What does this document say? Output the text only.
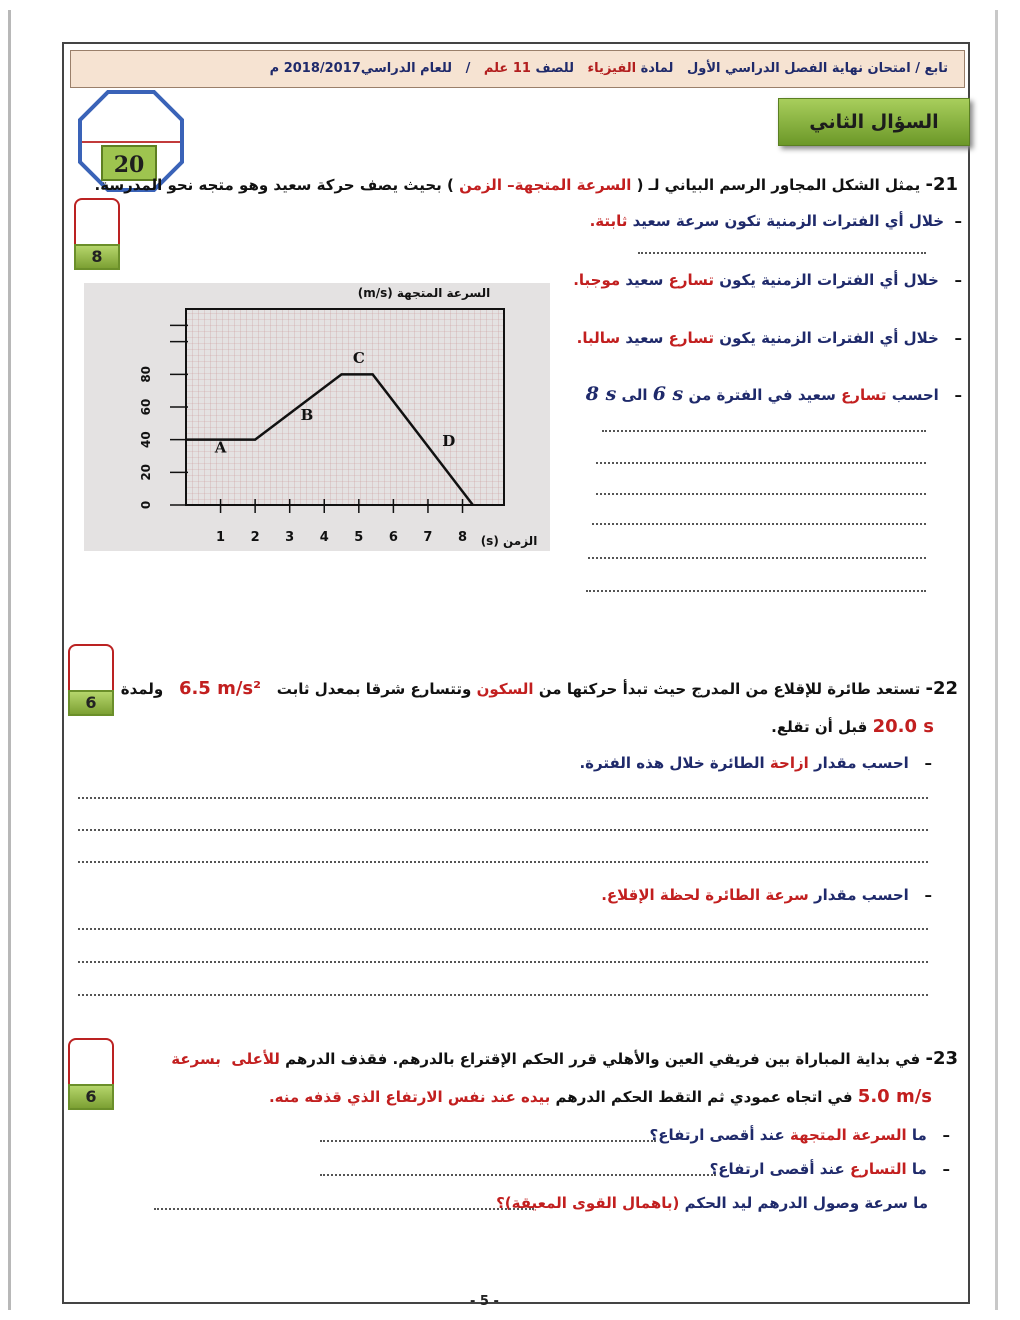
تابع / امتحان نهاية الفصل الدراسي الأول   لمادة الفيزياء   للصف 11 علم   /   للعام الدراسي2018/2017 م
20
السؤال الثاني
8
21- يمثل الشكل المجاور الرسم البياني لـ ( السرعة المتجهة– الزمن ) بحيث يصف حركة سعيد وهو متجه نحو المدرسة.
–  خلال أي الفترات الزمنية تكون سرعة سعيد ثابتة.
–   خلال أي الفترات الزمنية يكون تسارع سعيد موجبا.
–   خلال أي الفترات الزمنية يكون تسارع سعيد سالبا.
–   احسب تسارع سعيد في الفترة من 6 s الى 8 s
السرعة المتجهة (m/s)
الزمن (s)
1 2 3 4 5 6 7 8
0
20
40
60
80
A
B
C
D
6
22- تستعد طائرة للإقلاع من المدرج حيث تبدأ حركتها من السكون وتتسارع شرقا بمعدل ثابت   6.5 m/s²   ولمدة
20.0 s قبل أن تقلع.
–   احسب مقدار ازاحة الطائرة خلال هذه الفترة.
–   احسب مقدار سرعة الطائرة لحظة الإقلاع.
6
23- في بداية المباراة بين فريقي العين والأهلي قرر الحكم الإقتراع بالدرهم. فقذف الدرهم للأعلى  بسرعة
5.0 m/s في اتجاه عمودي ثم التقط الحكم الدرهم بيده عند نفس الارتفاع الذي قذفه منه.
–   ما السرعة المتجهة عند أقصى ارتفاع؟
–   ما التسارع عند أقصى ارتفاع؟
ما سرعة وصول الدرهم ليد الحكم (باهمال القوى المعيقة)؟
- 5 -
